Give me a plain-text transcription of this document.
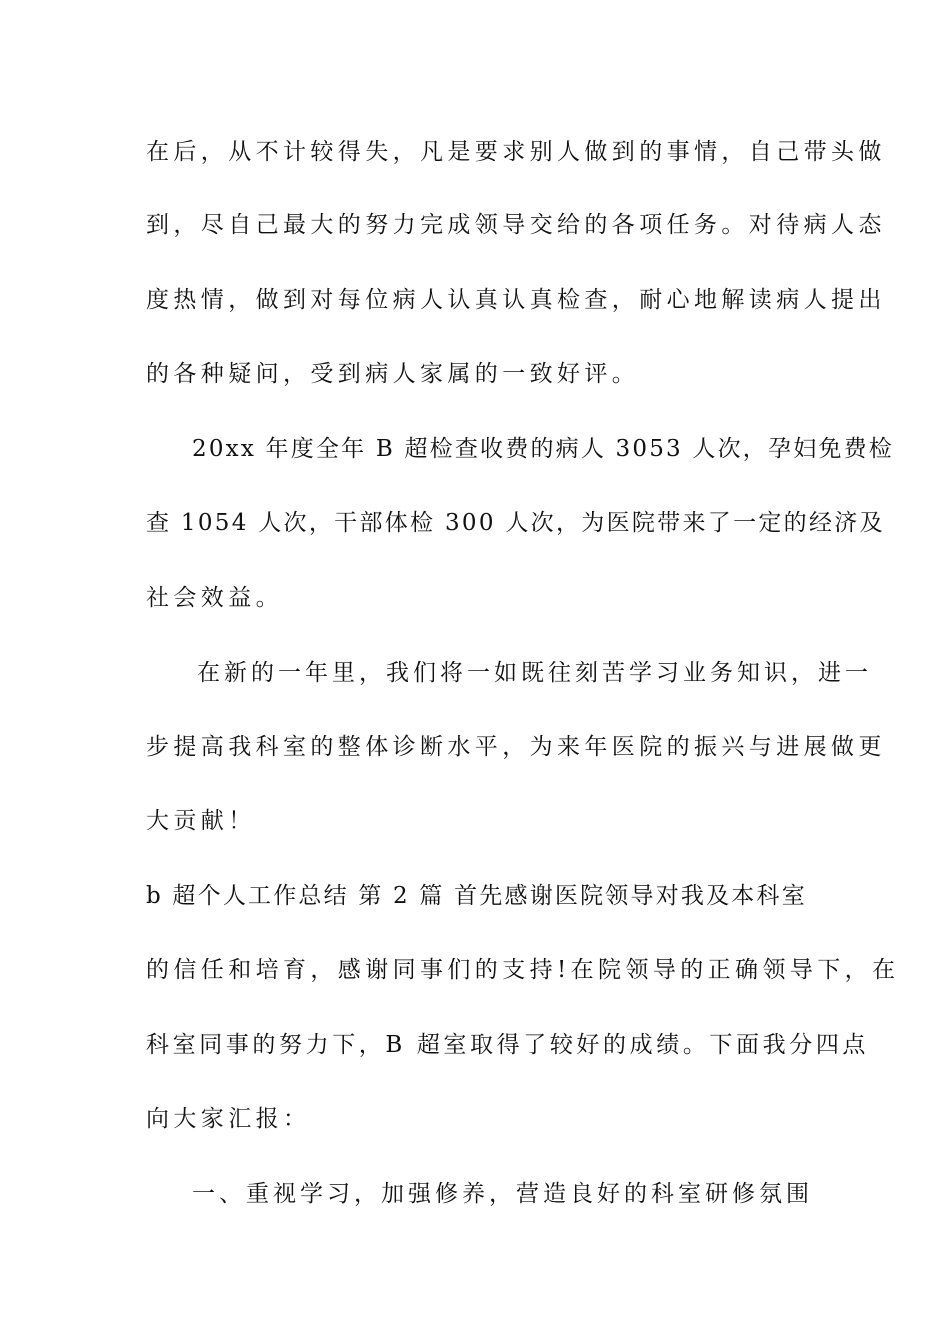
在后，从不计较得失，凡是要求别人做到的事情，自己带头做
到，尽自己最大的努力完成领导交给的各项任务。对待病人态
度热情，做到对每位病人认真认真检查，耐心地解读病人提出
的各种疑问，受到病人家属的一致好评。
20xx 年度全年 B 超检查收费的病人 3053 人次，孕妇免费检
查 1054 人次，干部体检 300 人次，为医院带来了一定的经济及
社会效益。
在新的一年里，我们将一如既往刻苦学习业务知识，进一
步提高我科室的整体诊断水平，为来年医院的振兴与进展做更
大贡献！
b 超个人工作总结 第 2 篇 首先感谢医院领导对我及本科室
的信任和培育，感谢同事们的支持!在院领导的正确领导下，在
科室同事的努力下，B 超室取得了较好的成绩。下面我分四点
向大家汇报：
一、重视学习，加强修养，营造良好的科室研修氛围
